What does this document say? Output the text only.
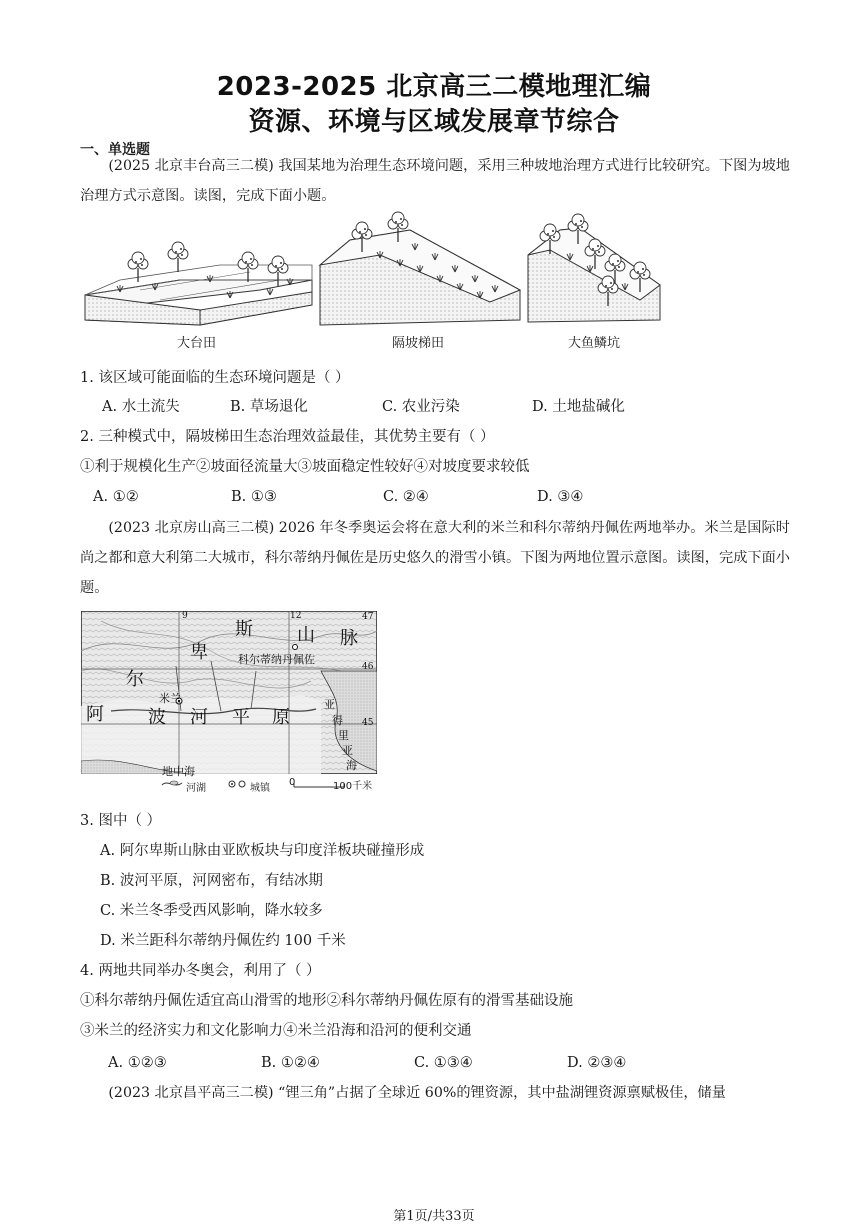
2023-2025 北京高三二模地理汇编
资源、环境与区域发展章节综合
一、单选题
(2025 北京丰台高三二模) 我国某地为治理生态环境问题，采用三种坡地治理方式进行比较研究。下图为坡地治理方式示意图。读图，完成下面小题。
大台田	隔坡梯田	大鱼鳞坑
1. 该区域可能面临的生态环境问题是（ ）
A. 水土流失	B. 草场退化	C. 农业污染	D. 土地盐碱化
2. 三种模式中，隔坡梯田生态治理效益最佳，其优势主要有（ ）
①利于规模化生产②坡面径流量大③坡面稳定性较好④对坡度要求较低
A. ①②	B. ①③	C. ②④	D. ③④
(2023 北京房山高三二模) 2026 年冬季奥运会将在意大利的米兰和科尔蒂纳丹佩佐两地举办。米兰是国际时尚之都和意大利第二大城市，科尔蒂纳丹佩佐是历史悠久的滑雪小镇。下图为两地位置示意图。读图，完成下面小题。
斯
卑
山 脉
尔
阿 波 河 平 原
亚
得
里
亚
海
科尔蒂纳丹佩佐
米兰
地中海
9	12	47
46
45
河湖	城镇
0	100千米
3. 图中（ ）
A. 阿尔卑斯山脉由亚欧板块与印度洋板块碰撞形成
B. 波河平原，河网密布，有结冰期
C. 米兰冬季受西风影响，降水较多
D. 米兰距科尔蒂纳丹佩佐约 100 千米
4. 两地共同举办冬奥会，利用了（ ）
①科尔蒂纳丹佩佐适宜高山滑雪的地形②科尔蒂纳丹佩佐原有的滑雪基础设施
③米兰的经济实力和文化影响力④米兰沿海和沿河的便利交通
A. ①②③	B. ①②④	C. ①③④	D. ②③④
(2023 北京昌平高三二模) “锂三角”占据了全球近 60%的锂资源，其中盐湖锂资源禀赋极佳，储量
第1页/共33页
